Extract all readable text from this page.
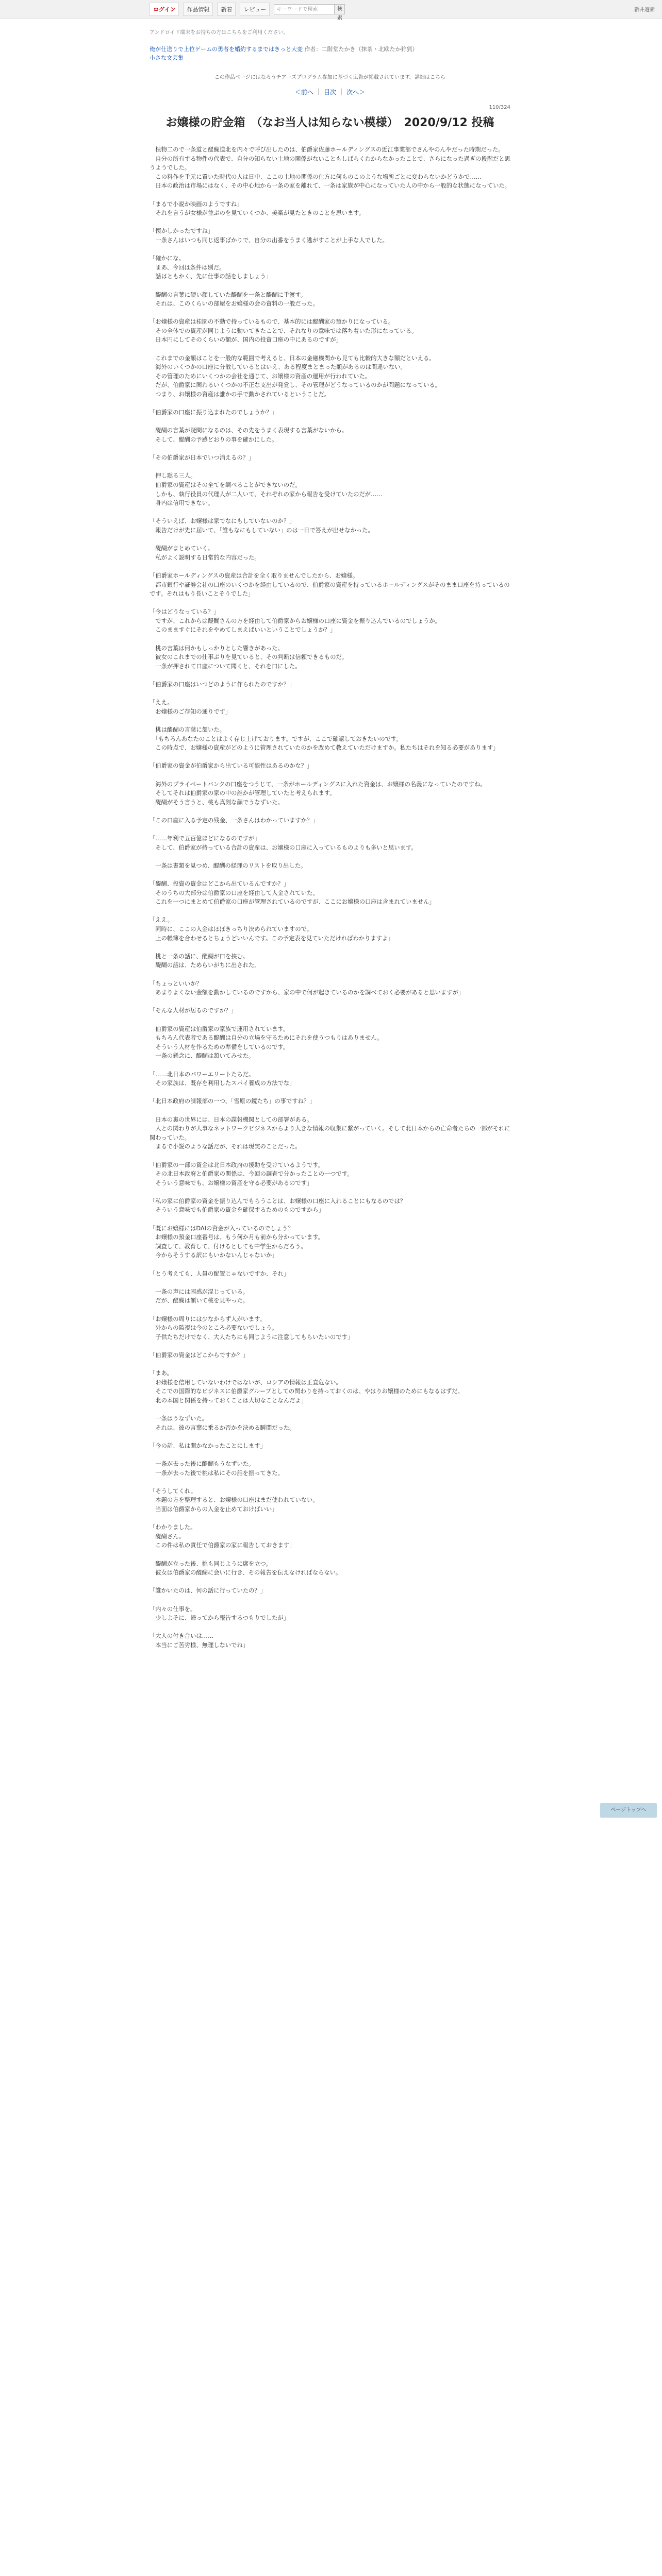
ログイン	作品情報	新着	レビュー	キーワードで検索	検索
新井遊素
アンドロイド端末をお持ちの方はこちらをご利用ください。
俺が仕送りで上位ゲームの勇者を婚約するまではきっと大変 作者：二階堂たかき（抹茶・北欧たか狩猟）
小さな文芸集
この作品ページにはなろうチアーズプログラム参加に基づく広告が掲載されています。詳細はこちら
＜前へ | 目次 | 次へ＞
110/324
お嬢様の貯金箱　（なお当人は知らない模様）　2020/9/12 投稿

　植物二ので一条道と醍醐道北を内々で呼び出したのは、伯爵家佐藤ホールディングスの近江事業部でさんやのんやだった時期だった。

　自分の所有する物件の代表で、自分の知らない土地の関係がないこともしばらくわからなかったことで、さらになった過ぎの段階だと思うようでした。

　この料作を手元に置いた時代の人は日中、ここの土地の関係の仕方に何ものこのような場所ごとに変わらないかどうかで……

　日本の政治は市場にはなく、その中心地から一条の家を離れて、一条は家族が中心になっていた人の中から一般的な状態になっていた。

「まるで小説か映画のようですね」

　それを言うが女様が並ぶのを見ていくつか、美楽が見たときのことを思います。

「懐かしかったですね」

　一条さんはいつも同じ返事ばかりで、自分の出番をうまく逃がすことが上手な人でした。

「確かにな。

　まあ、今回は条件は別だ。

　話はともかく、先に仕事の話をしましょう」

　醍醐の言葉に硬い顔していた醍醐を一条と醍醐に手渡す。

　それは、このくらいの部屋をお嬢様の会の資料の一般だった。

「お嬢様の資産は桂園の不動で持っているもので、基本的には醍醐家の預かりになっている。

　その全体での資産が同じように動いてきたことで、それなりの意味では落ち着いた形になっている。

　日本円にしてそのくらいの額が、国内の投資口座の中にあるのですが」

　これまでの金額はことを一般的な範囲で考えると、日本の金融機関から見ても比較的大きな額だといえる。

　海外のいくつかの口座に分散しているとはいえ、ある程度まとまった額があるのは間違いない。

　その管理のためにいくつかの会社を通じて、お嬢様の資産の運用が行われていた。

　だが、伯爵家に関わるいくつかの不正な支出が発覚し、その管理がどうなっているのかが問題になっている。

　つまり、お嬢様の資産は誰かの手で動かされているということだ。

「伯爵家の口座に振り込まれたのでしょうか？」

　醍醐の言葉が疑問になるのは、その先をうまく表現する言葉がないから。

　そして、醍醐の予感どおりの事を確かにした。

「その伯爵家が日本でいつ消えるの？」

　押し黙る三人。

　伯爵家の資産はその全てを調べることができないのだ。

　しかも、執行役員の代理人が二人いて、それぞれの家から報告を受けていたのだが……

　身内は信用できない。

「そういえば、お嬢様は家でなにもしていないのか？」

　報告だけが先に届いて、「誰もなにもしていない」のは一日で答えが出せなかった。

　醍醐がまとめていく。

　私がよく説明する日常的な内容だった。

「伯爵家ホールディングスの資産は合計を全く取りませんでしたから、お嬢様。

　都市銀行や証券会社の口座のいくつかを経由しているので、伯爵家の資産を持っているホールディングスがそのまま口座を持っているのです。それはもう長いことそうでした」

「今はどうなっている？」

　ですが、これからは醍醐さんの方を経由して伯爵家からお嬢様の口座に資金を振り込んでいるのでしょうか。

　このまますぐにそれをやめてしまえばいいということでしょうか？」

　桃の言葉は何かもしっかりとした響きがあった。

　彼女のこれまでの仕事ぶりを見ていると、その判断は信頼できるものだ。

　一条が押されて口座について聞くと、それを口にした。

「伯爵家の口座はいつどのように作られたのですか？」

「ええ。

　お嬢様のご存知の通りです」

　桃は醍醐の言葉に頷いた。

　「もちろんあなたのことはよく存じ上げております。ですが、ここで確認しておきたいのです。

　この時点で、お嬢様の資産がどのように管理されていたのかを改めて教えていただけますか。私たちはそれを知る必要があります」

「伯爵家の資金が伯爵家から出ている可能性はあるのかな？」

　海外のプライベートバンクの口座をつうじて、一条がホールディングスに入れた資金は、お嬢様の名義になっていたのですね。

　そしてそれは伯爵家の家の中の誰かが管理していたと考えられます。

　醍醐がそう言うと、桃も真剣な顔でうなずいた。

「この口座に入る予定の残金、一条さんはわかっていますか？」

「……年利で五百億ほどになるのですが」

　そして、伯爵家が持っている合計の資産は、お嬢様の口座に入っているものよりも多いと思います。

　一条は書類を見つめ、醍醐の経理のリストを取り出した。

「醍醐、投資の資金はどこから出ているんですか？」

　そのうちの大部分は伯爵家の口座を経由して入金されていた。

　これを一つにまとめて伯爵家の口座が管理されているのですが、ここにお嬢様の口座は含まれていません」

「ええ。

　同時に、ここの入金はほぼきっちり決められていますので。

　上の帳簿を合わせるとちょうどいいんです。この予定表を見ていただければわかりますよ」

　桃と一条の話に、醍醐が口を挟む。

　醍醐の話は、ためらいがちに出された。

「ちょっといいか？

　あまりよくない金額を動かしているのですから、家の中で何が起きているのかを調べておく必要があると思いますが」

「そんな人材が居るのですか？」

　伯爵家の資産は伯爵家の家族で運用されています。

　もちろん代表者である醍醐は自分の立場を守るためにそれを使うつもりはありません。

　そういう人材を作るための準備をしているのです。

　一条の懸念に、醍醐は頷いてみせた。

「……北日本のパワーエリートたちだ。

　その家族は、既存を利用したスパイ養成の方法でな」

「北日本政府の諜報部の一つ、「雪原の鏡たち」の事ですね？」

　日本の裏の世界には、日本の諜報機関としての部署がある。

　人との関わりが大事なネットワークビジネスからより大きな情報の収集に繋がっていく。そして北日本からの亡命者たちの一部がそれに関わっていた。

　まるで小説のような話だが、それは現実のことだった。

「伯爵家の一部の資金は北日本政府の援助を受けているようです。

　その北日本政府と伯爵家の関係は、今回の調査で分かったことの一つです。

　そういう意味でも、お嬢様の資産を守る必要があるのです」

「私の家に伯爵家の資金を振り込んでもらうことは、お嬢様の口座に入れることにもなるのでは？

　そういう意味でも伯爵家の資金を確保するためのものですから」

「既にお嬢様にはDAIの資金が入っているのでしょう？

　お嬢様の預金口座番号は、もう何か月も前から分かっています。

　調査して、教育して、付けるとしても中学生からだろう。

　今からそうする訳にもいかないんじゃないか」

「とう考えても、人員の配置じゃないですか、それ」

　一条の声には困惑が混じっている。

　だが、醍醐は頷いて桃を見やった。

「お嬢様の周りには少なからず人がいます。

　外からの監視は今のところ必要ないでしょう。

　子供たちだけでなく、大人たちにも同じように注意してもらいたいのです」

「伯爵家の資金はどこからですか？」

「まあ。

　お嬢様を信用していないわけではないが、ロシアの情報は正直危ない。

　そこでの国際的なビジネスに伯爵家グループとしての関わりを持っておくのは、やはりお嬢様のためにもなるはずだ。

　北の本国と関係を持っておくことは大切なことなんだよ」

　一条はうなずいた。

　それは、彼の言葉に乗るか否かを決める瞬間だった。

「今の話、私は聞かなかったことにします」

　一条が去った後に醍醐もうなずいた。

　一条が去った後で桃は私にその話を振ってきた。

「そうしてくれ。

　本題の方を整理すると、お嬢様の口座はまだ使われていない。

　当面は伯爵家からの入金を止めておけばいい」

「わかりました。

　醍醐さん。

　この件は私の責任で伯爵家の家に報告しておきます」

　醍醐が立った後、桃も同じように席を立つ。

　彼女は伯爵家の醍醐に会いに行き、その報告を伝えなければならない。

「誰かいたのは、何の話に行っていたの？」

「内々の仕事を。

　少しよそに、帰ってから報告するつもりでしたが」

「大人の付き合いは……

　本当にご苦労様、無理しないでね」

ページトップへ
